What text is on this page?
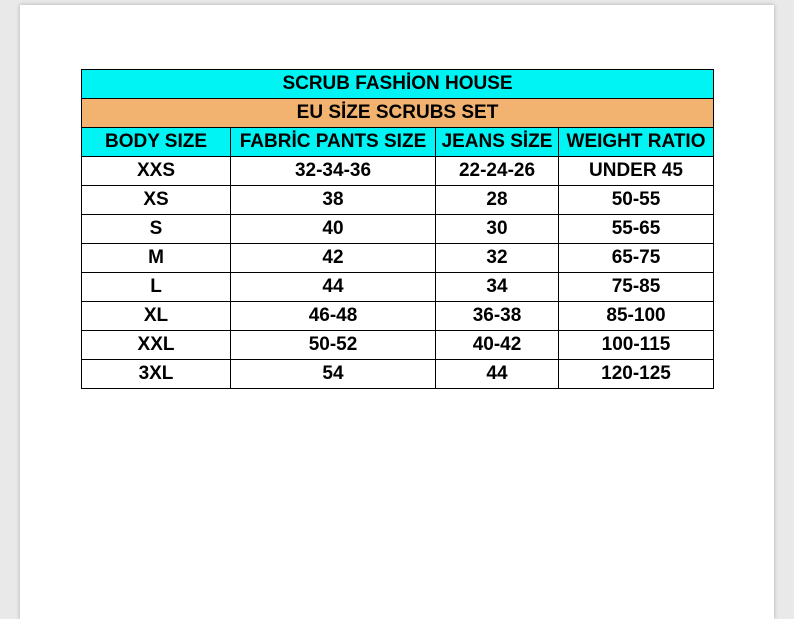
SCRUB FASHİON HOUSE			
EU SİZE SCRUBS SET			
BODY SIZE	FABRİC PANTS SIZE	JEANS SİZE	WEIGHT RATIO
XXS	32-34-36	22-24-26	UNDER 45
XS	38	28	50-55
S	40	30	55-65
M	42	32	65-75
L	44	34	75-85
XL	46-48	36-38	85-100
XXL	50-52	40-42	100-115
3XL	54	44	120-125
